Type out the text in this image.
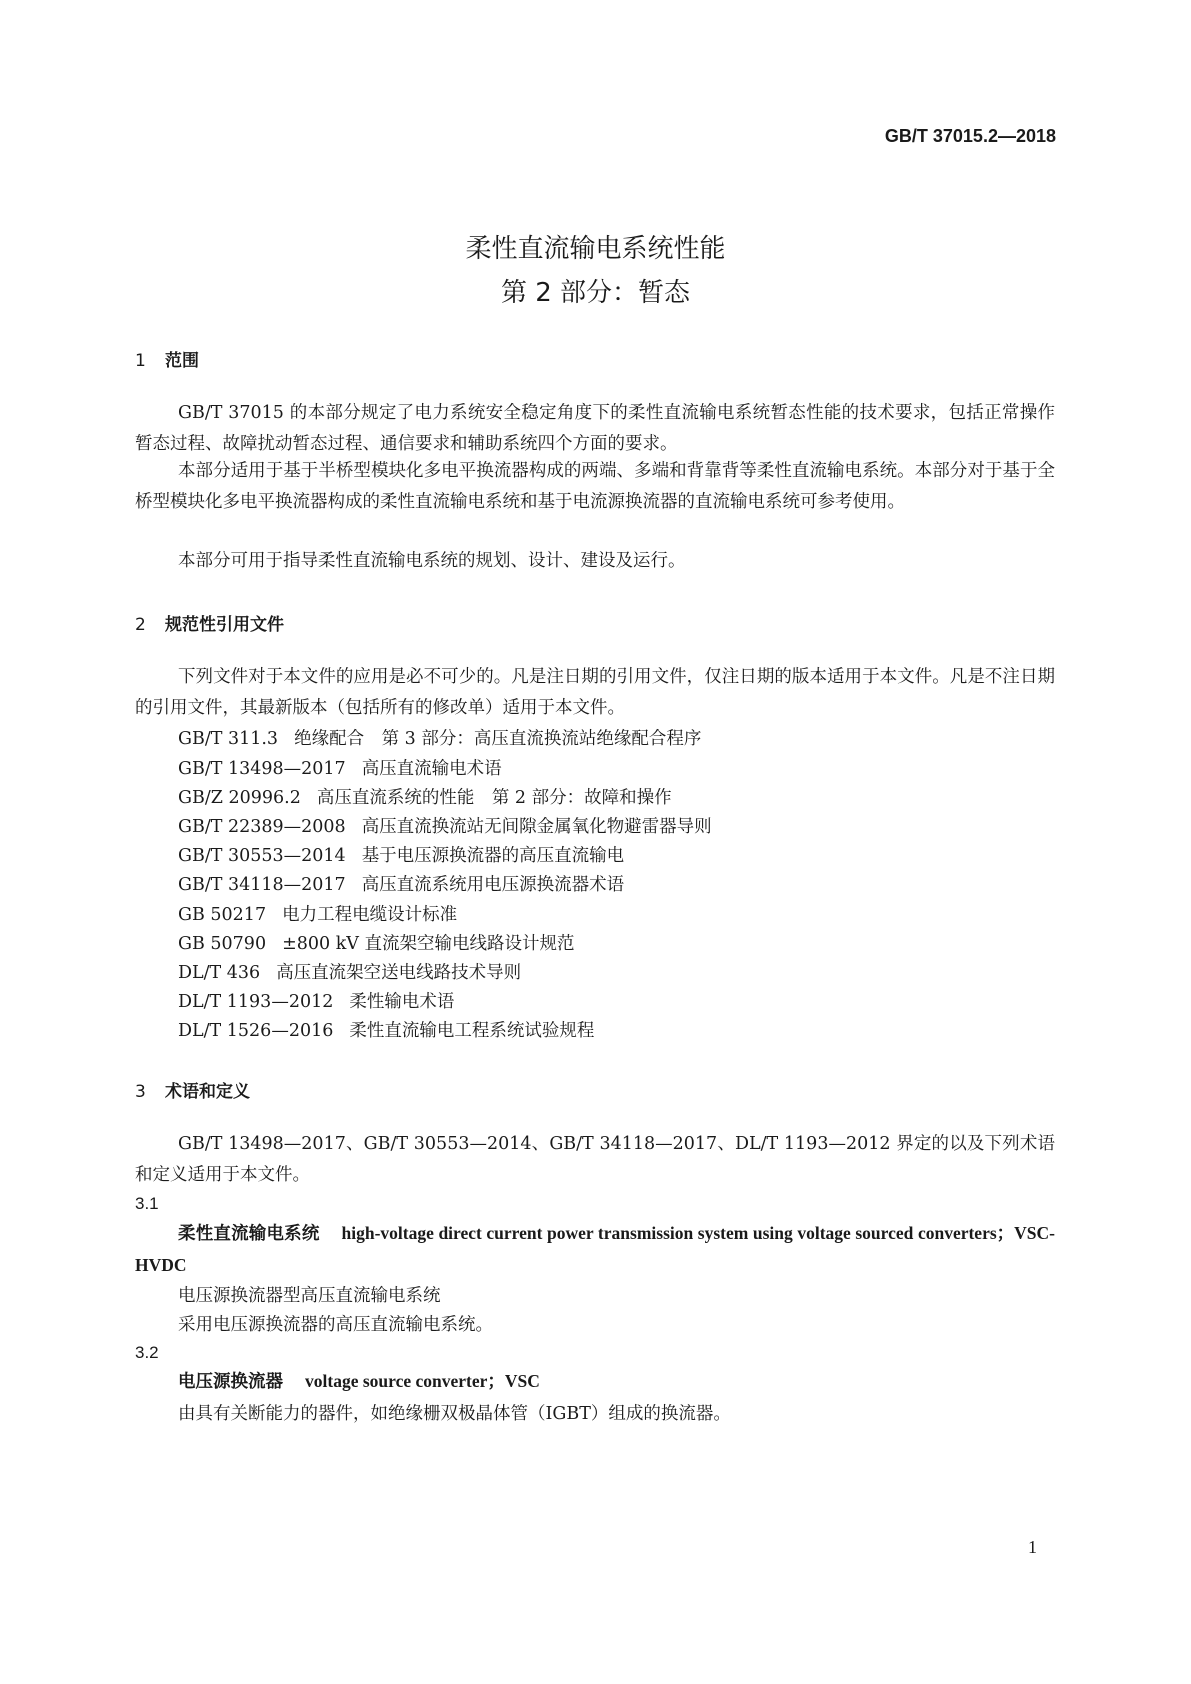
GB/T 37015.2—2018
柔性直流输电系统性能
第 2 部分：暂态
1 范围
GB/T 37015 的本部分规定了电力系统安全稳定角度下的柔性直流输电系统暂态性能的技术要求，包括正常操作暂态过程、故障扰动暂态过程、通信要求和辅助系统四个方面的要求。
本部分适用于基于半桥型模块化多电平换流器构成的两端、多端和背靠背等柔性直流输电系统。本部分对于基于全桥型模块化多电平换流器构成的柔性直流输电系统和基于电流源换流器的直流输电系统可参考使用。
本部分可用于指导柔性直流输电系统的规划、设计、建设及运行。
2 规范性引用文件
下列文件对于本文件的应用是必不可少的。凡是注日期的引用文件，仅注日期的版本适用于本文件。凡是不注日期的引用文件，其最新版本（包括所有的修改单）适用于本文件。
GB/T 311.3 绝缘配合　第 3 部分：高压直流换流站绝缘配合程序
GB/T 13498—2017 高压直流输电术语
GB/Z 20996.2 高压直流系统的性能　第 2 部分：故障和操作
GB/T 22389—2008 高压直流换流站无间隙金属氧化物避雷器导则
GB/T 30553—2014 基于电压源换流器的高压直流输电
GB/T 34118—2017 高压直流系统用电压源换流器术语
GB 50217 电力工程电缆设计标准
GB 50790 ±800 kV 直流架空输电线路设计规范
DL/T 436 高压直流架空送电线路技术导则
DL/T 1193—2012 柔性输电术语
DL/T 1526—2016 柔性直流输电工程系统试验规程
3 术语和定义
GB/T 13498—2017、GB/T 30553—2014、GB/T 34118—2017、DL/T 1193—2012 界定的以及下列术语和定义适用于本文件。
3.1
柔性直流输电系统 high-voltage direct current power transmission system using voltage sourced converters；VSC-HVDC
电压源换流器型高压直流输电系统
采用电压源换流器的高压直流输电系统。
3.2
电压源换流器 voltage source converter；VSC
由具有关断能力的器件，如绝缘栅双极晶体管（IGBT）组成的换流器。
1
